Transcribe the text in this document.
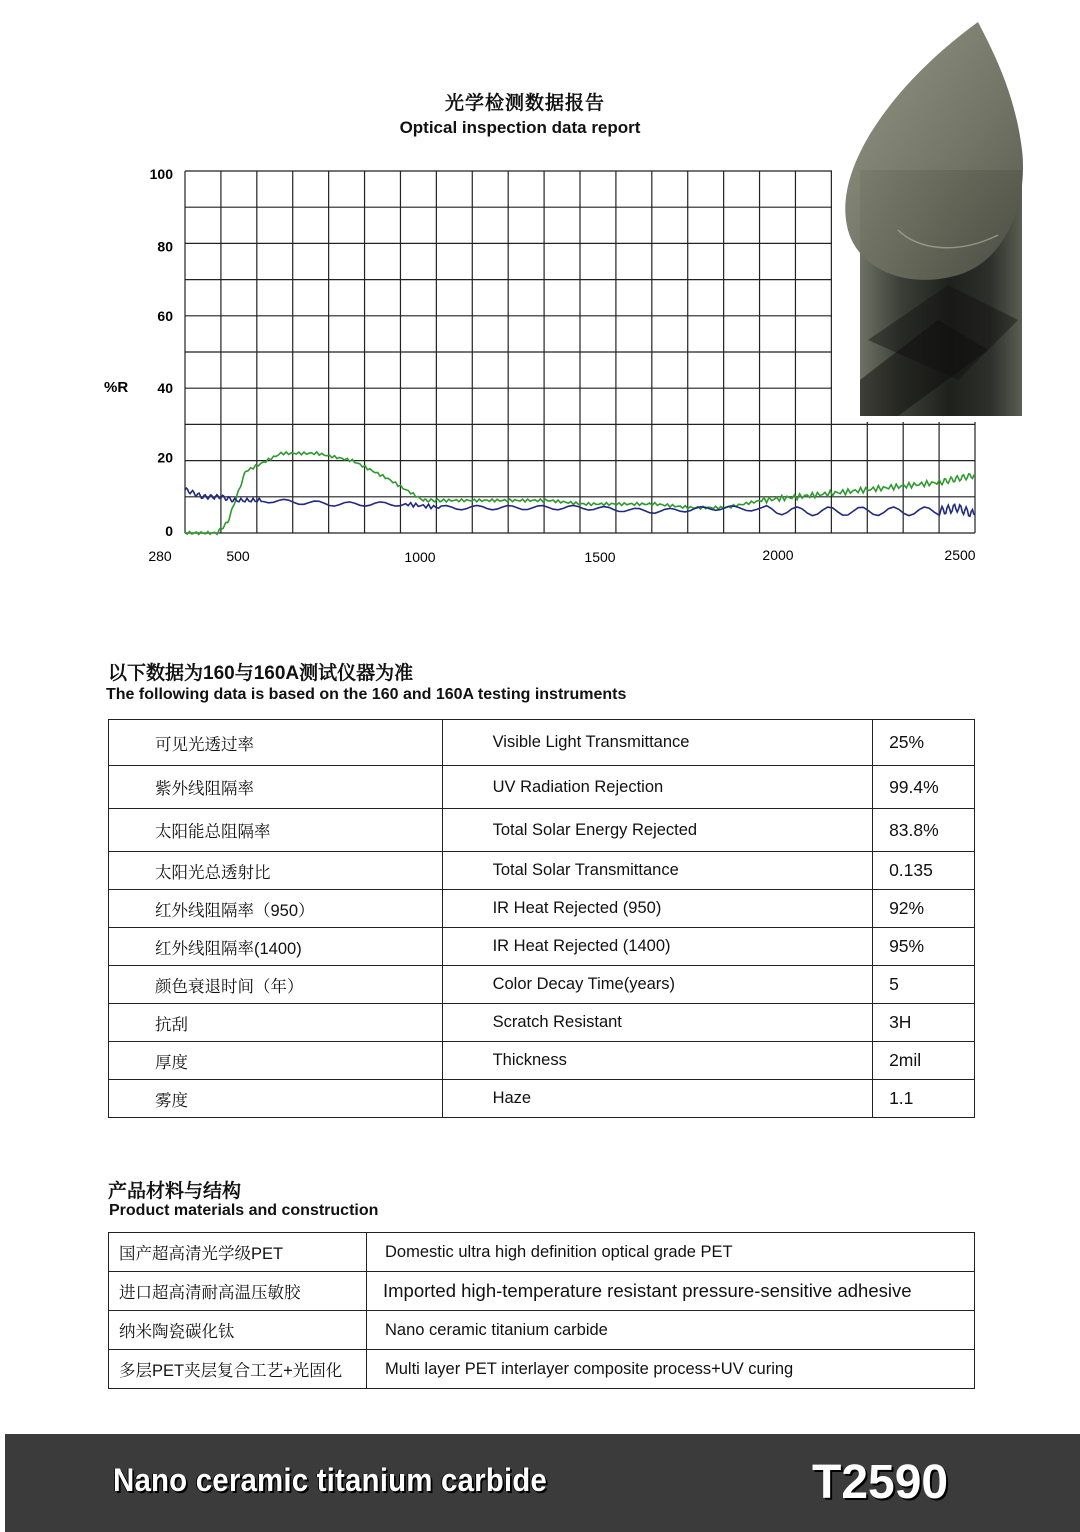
光学检测数据报告
Optical inspection data report
100
80
60
40
20
0
280	500	1000	1500	2000	2500
%R
以下数据为160与160A测试仪器为准
The following data is based on the 160 and 160A testing instruments
可见光透过率	Visible Light Transmittance	25%
紫外线阻隔率	UV Radiation Rejection	99.4%
太阳能总阻隔率	Total Solar Energy Rejected	83.8%
太阳光总透射比	Total Solar Transmittance	0.135
红外线阻隔率（950）	IR Heat Rejected (950)	92%
红外线阻隔率(1400)	IR Heat Rejected (1400)	95%
颜色衰退时间（年）	Color Decay Time(years)	5
抗刮	Scratch Resistant	3H
厚度	Thickness	2mil
雾度	Haze	1.1
产品材料与结构
Product materials and construction
国产超高清光学级PET	Domestic ultra high definition optical grade PET
进口超高清耐高温压敏胶	Imported high-temperature resistant pressure-sensitive adhesive
纳米陶瓷碳化钛	Nano ceramic titanium carbide
多层PET夹层复合工艺+光固化	Multi layer PET interlayer composite process+UV curing
Nano ceramic titanium carbide	T2590
